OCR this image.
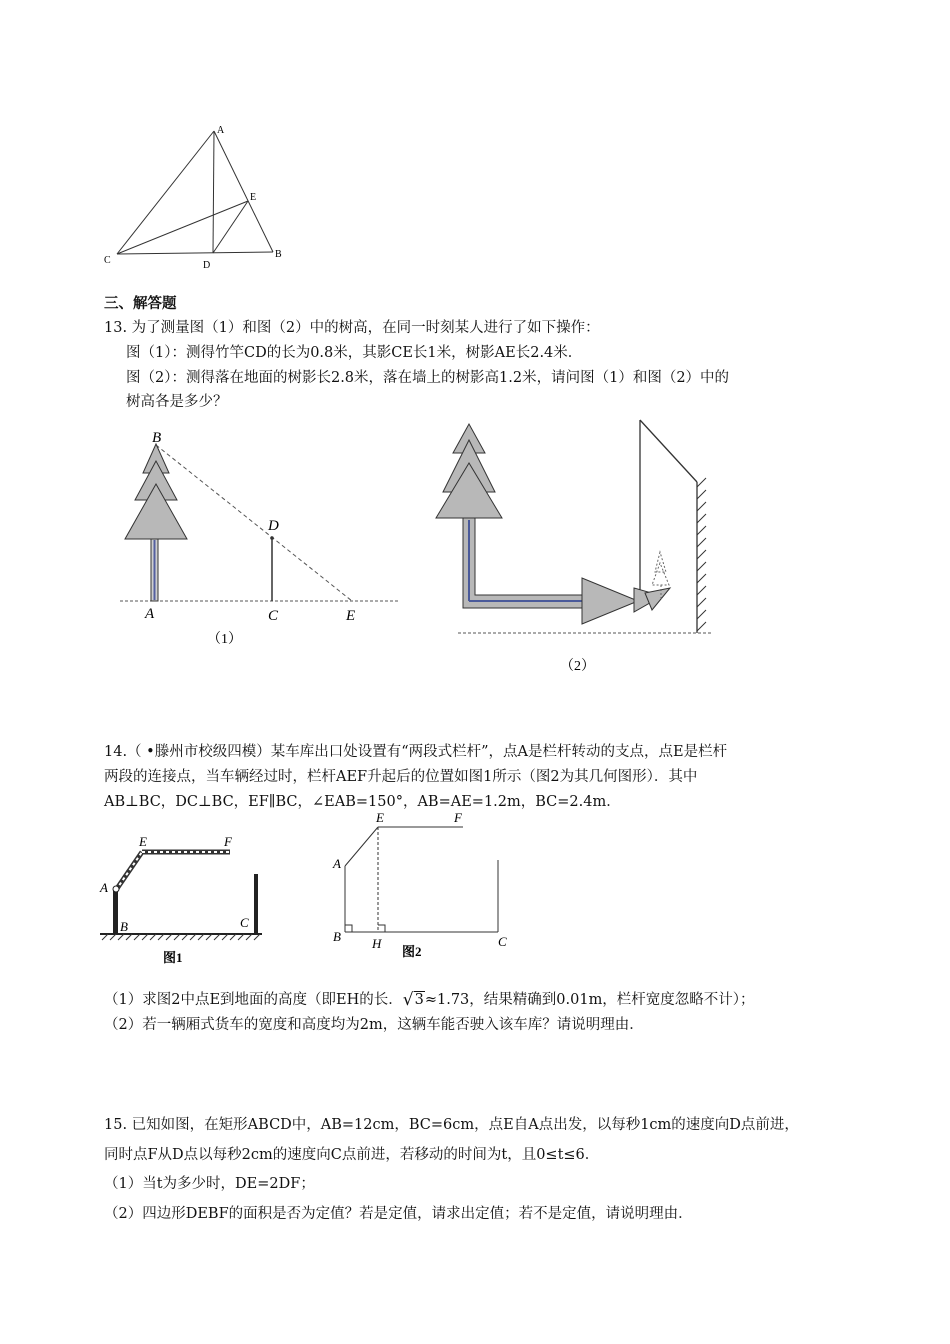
A
E
C	D
B
三、解答题
13. 为了测量图（1）和图（2）中的树高，在同一时刻某人进行了如下操作：
图（1）：测得竹竿CD的长为0.8米，其影CE长1米，树影AE长2.4米．
图（2）：测得落在地面的树影长2.8米，落在墙上的树影高1.2米，请问图（1）和图（2）中的
树高各是多少？
B
D
A	C	E
（1）
（2）
14.（ •滕州市校级四模）某车库出口处设置有“两段式栏杆”，点A是栏杆转动的支点，点E是栏杆
两段的连接点，当车辆经过时，栏杆AEF升起后的位置如图1所示（图2为其几何图形）．其中
AB⊥BC，DC⊥BC，EF∥BC，∠EAB=150°，AB=AE=1.2m，BC=2.4m．
E	F
A
B	C
图1
E	F
A
B H	C
图2
（1）求图2中点E到地面的高度（即EH的长．√3≈1.73，结果精确到0.01m，栏杆宽度忽略不计）；
（2）若一辆厢式货车的宽度和高度均为2m，这辆车能否驶入该车库？请说明理由．
15. 已知如图，在矩形ABCD中，AB=12cm，BC=6cm，点E自A点出发，以每秒1cm的速度向D点前进，
同时点F从D点以每秒2cm的速度向C点前进，若移动的时间为t，且0≤t≤6．
（1）当t为多少时，DE=2DF；
（2）四边形DEBF的面积是否为定值？若是定值，请求出定值；若不是定值，请说明理由．
